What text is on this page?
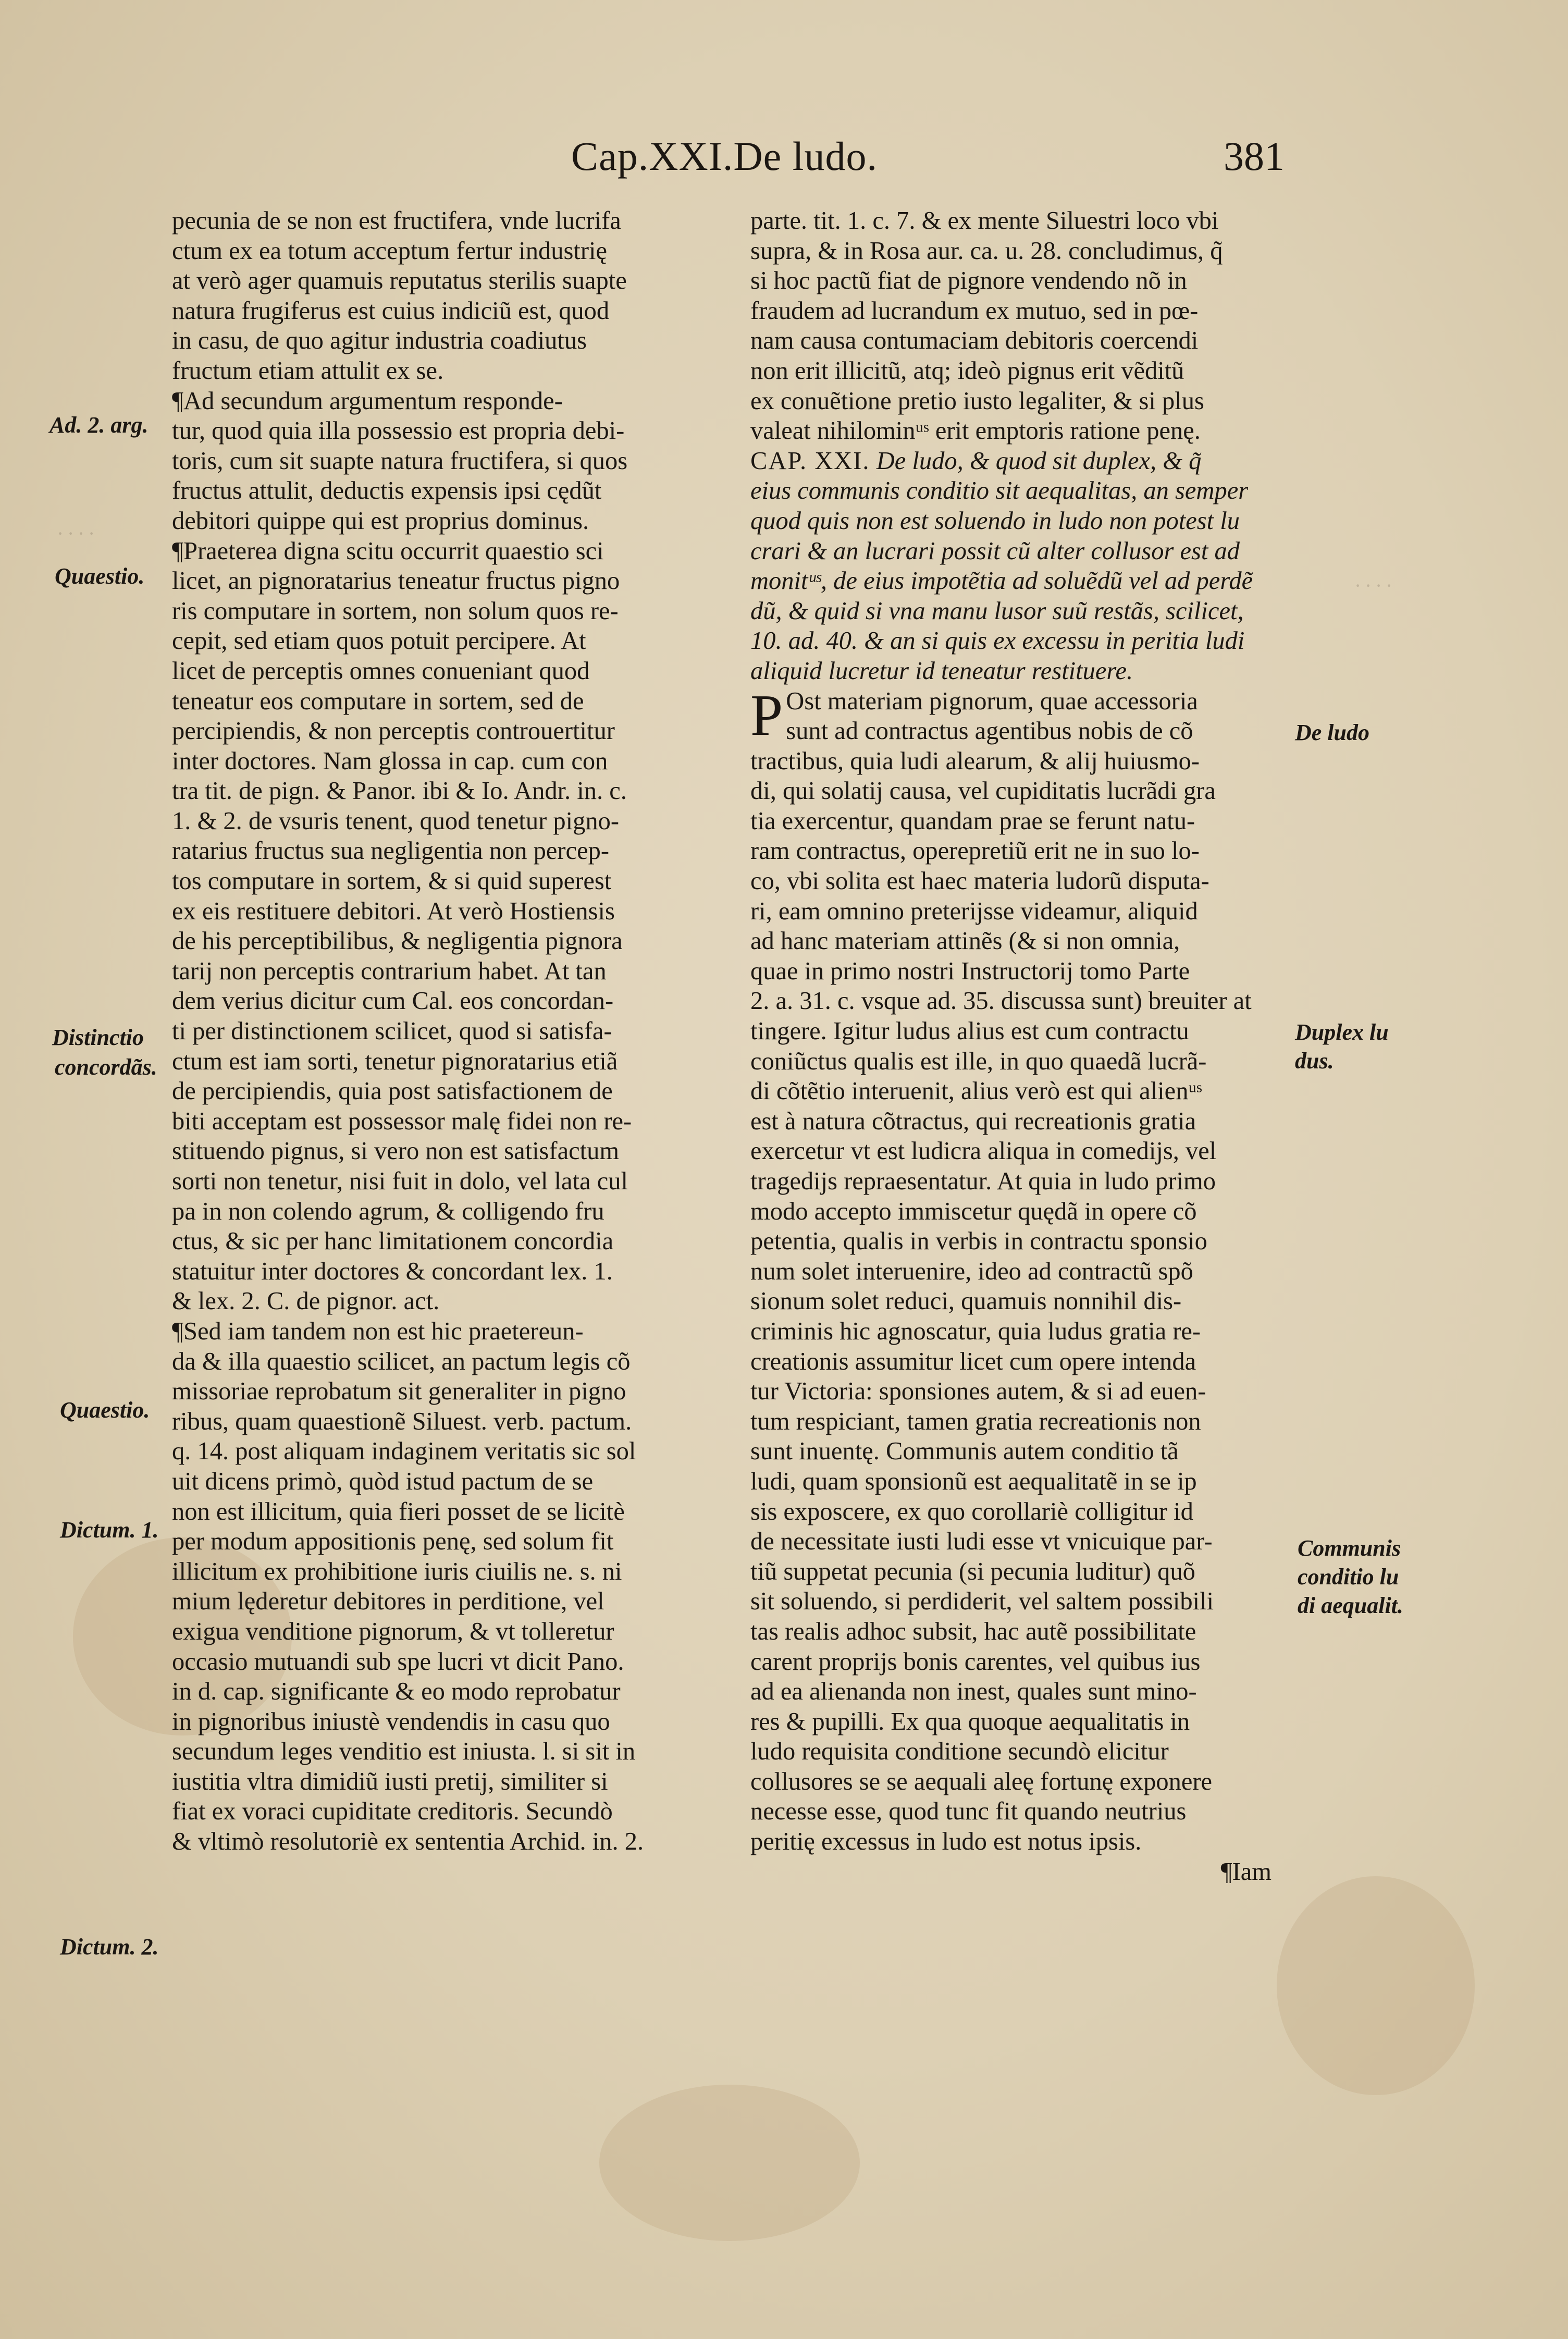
· · · ·
· · · ·
Cap.XXI.De ludo.	381
pecunia de se non est fructifera, vnde lucrifa
ctum ex ea totum acceptum fertur industrię
at verò ager quamuis reputatus sterilis suapte
natura frugiferus est cuius indiciũ est, quod
in casu, de quo agitur industria coadiutus
fructum etiam attulit ex se.
¶Ad secundum argumentum responde-
tur, quod quia illa possessio est propria debi-
toris, cum sit suapte natura fructifera, si quos
fructus attulit, deductis expensis ipsi cędũt
debitori quippe qui est proprius dominus.
¶Praeterea digna scitu occurrit quaestio sci
licet, an pignoratarius teneatur fructus pigno
ris computare in sortem, non solum quos re-
cepit, sed etiam quos potuit percipere. At
licet de perceptis omnes conueniant quod
teneatur eos computare in sortem, sed de
percipiendis, & non perceptis controuertitur
inter doctores. Nam glossa in cap. cum con
tra tit. de pign. & Panor. ibi & Io. Andr. in. c.
1. & 2. de vsuris tenent, quod tenetur pigno-
ratarius fructus sua negligentia non percep-
tos computare in sortem, & si quid superest
ex eis restituere debitori. At verò Hostiensis
de his perceptibilibus, & negligentia pignora
tarij non perceptis contrarium habet. At tan
dem verius dicitur cum Cal. eos concordan-
ti per distinctionem scilicet, quod si satisfa-
ctum est iam sorti, tenetur pignoratarius etiã
de percipiendis, quia post satisfactionem de
biti acceptam est possessor malę fidei non re-
stituendo pignus, si vero non est satisfactum
sorti non tenetur, nisi fuit in dolo, vel lata cul
pa in non colendo agrum, & colligendo fru
ctus, & sic per hanc limitationem concordia
statuitur inter doctores & concordant lex. 1.
& lex. 2. C. de pignor. act.
¶Sed iam tandem non est hic praetereun-
da & illa quaestio scilicet, an pactum legis cõ
missoriae reprobatum sit generaliter in pigno
ribus, quam quaestionẽ Siluest. verb. pactum.
q. 14. post aliquam indaginem veritatis sic sol
uit dicens primò, quòd istud pactum de se
non est illicitum, quia fieri posset de se licitè
per modum appositionis penę, sed solum fit
illicitum ex prohibitione iuris ciuilis ne. s. ni
mium lęderetur debitores in perditione, vel
exigua venditione pignorum, & vt tolleretur
occasio mutuandi sub spe lucri vt dicit Pano.
in d. cap. significante & eo modo reprobatur
in pignoribus iniustè vendendis in casu quo
secundum leges venditio est iniusta. l. si sit in
iustitia vltra dimidiũ iusti pretij, similiter si
fiat ex voraci cupiditate creditoris. Secundò
& vltimò resolutoriè ex sententia Archid. in. 2.
parte. tit. 1. c. 7. & ex mente Siluestri loco vbi
supra, & in Rosa aur. ca. u. 28. concludimus, q̃
si hoc pactũ fiat de pignore vendendo nõ in
fraudem ad lucrandum ex mutuo, sed in pœ-
nam causa contumaciam debitoris coercendi
non erit illicitũ, atq; ideò pignus erit vẽditũ
ex conuẽtione pretio iusto legaliter, & si plus
valeat nihilominᵘˢ erit emptoris ratione penę.
CAP. XXI. De ludo, & quod sit duplex, & q̃
eius communis conditio sit aequalitas, an semper
quod quis non est soluendo in ludo non potest lu
crari & an lucrari possit cũ alter collusor est ad
monitᵘˢ, de eius impotẽtia ad soluẽdũ vel ad perdẽ
dũ, & quid si vna manu lusor suũ restãs, scilicet,
10. ad. 40. & an si quis ex excessu in peritia ludi
aliquid lucretur id teneatur restituere.
P Ost materiam pignorum, quae accessoria
sunt ad contractus agentibus nobis de cõ
tractibus, quia ludi alearum, & alij huiusmo-
di, qui solatij causa, vel cupiditatis lucrãdi gra
tia exercentur, quandam prae se ferunt natu-
ram contractus, operepretiũ erit ne in suo lo-
co, vbi solita est haec materia ludorũ disputa-
ri, eam omnino preterijsse videamur, aliquid
ad hanc materiam attinẽs (& si non omnia,
quae in primo nostri Instructorij tomo Parte
2. a. 31. c. vsque ad. 35. discussa sunt) breuiter at
tingere. Igitur ludus alius est cum contractu
coniũctus qualis est ille, in quo quaedã lucrã-
di cõtẽtio interuenit, alius verò est qui alienᵘˢ
est à natura cõtractus, qui recreationis gratia
exercetur vt est ludicra aliqua in comedijs, vel
tragedijs repraesentatur. At quia in ludo primo
modo accepto immiscetur quędã in opere cõ
petentia, qualis in verbis in contractu sponsio
num solet interuenire, ideo ad contractũ spõ
sionum solet reduci, quamuis nonnihil dis-
criminis hic agnoscatur, quia ludus gratia re-
creationis assumitur licet cum opere intenda
tur Victoria: sponsiones autem, & si ad euen-
tum respiciant, tamen gratia recreationis non
sunt inuentę. Communis autem conditio tã
ludi, quam sponsionũ est aequalitatẽ in se ip
sis exposcere, ex quo corollariè colligitur id
de necessitate iusti ludi esse vt vnicuique par-
tiũ suppetat pecunia (si pecunia luditur) quõ
sit soluendo, si perdiderit, vel saltem possibili
tas realis adhoc subsit, hac autẽ possibilitate
carent proprijs bonis carentes, vel quibus ius
ad ea alienanda non inest, quales sunt mino-
res & pupilli. Ex qua quoque aequalitatis in
ludo requisita conditione secundò elicitur
collusores se se aequali aleę fortunę exponere
necesse esse, quod tunc fit quando neutrius
peritię excessus in ludo est notus ipsis.
¶Iam
Ad. 2. arg.
Quaestio.
Distinctio
concordãs.
Quaestio.
Dictum. 1.
Dictum. 2.
De ludo
Duplex lu
dus.
Communis
conditio lu
di aequalit.
